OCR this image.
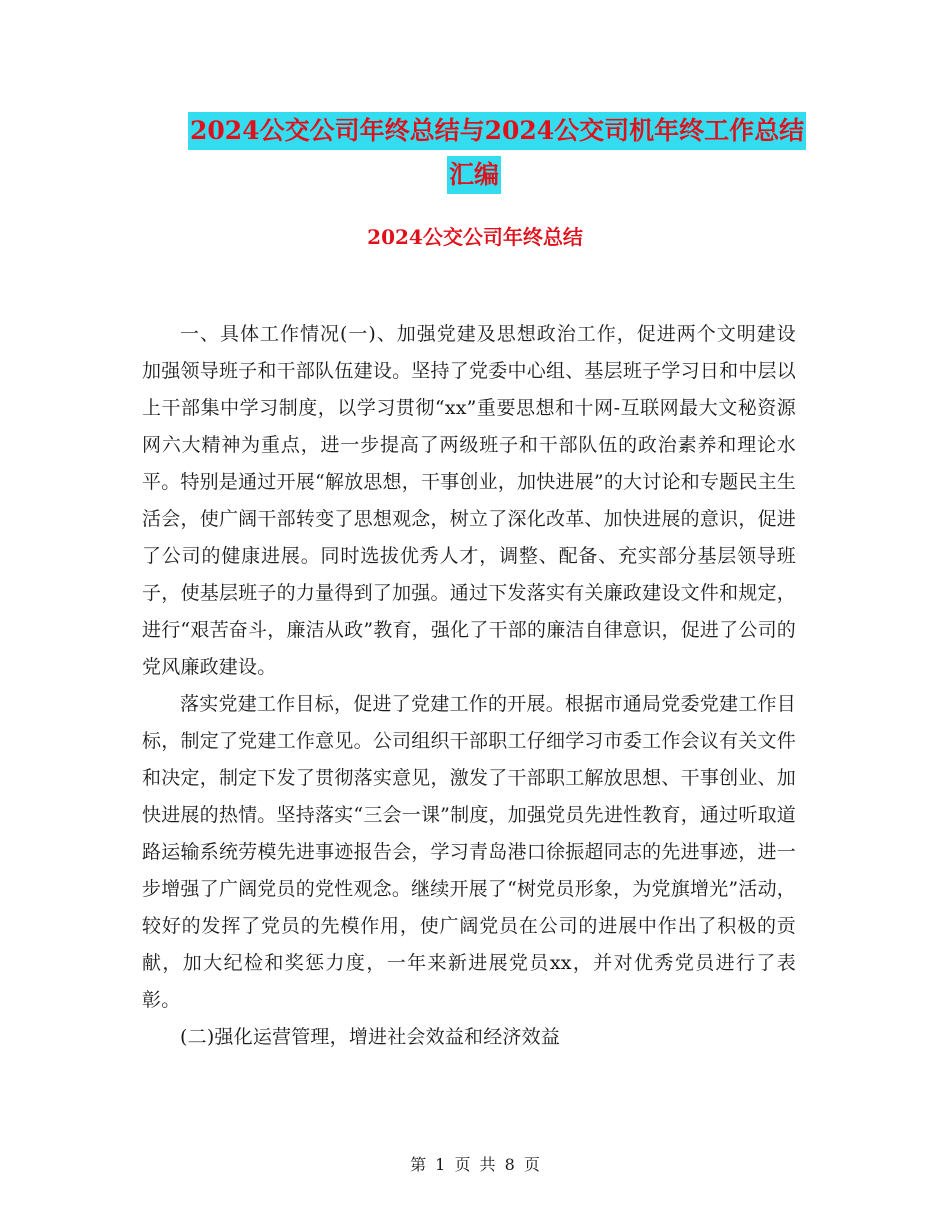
2024公交公司年终总结与2024公交司机年终工作总结
汇编
2024公交公司年终总结

一、具体工作情况(一)、加强党建及思想政治工作，促进两个文明建设 加强领导班子和干部队伍建设。坚持了党委中心组、基层班子学习日和中层以上干部集中学习制度，以学习贯彻“xx”重要思想和十网-互联网最大文秘资源网六大精神为重点，进一步提高了两级班子和干部队伍的政治素养和理论水平。特别是通过开展“解放思想，干事创业，加快进展”的大讨论和专题民主生活会，使广阔干部转变了思想观念，树立了深化改革、加快进展的意识，促进了公司的健康进展。同时选拔优秀人才，调整、配备、充实部分基层领导班子，使基层班子的力量得到了加强。通过下发落实有关廉政建设文件和规定，进行“艰苦奋斗，廉洁从政”教育，强化了干部的廉洁自律意识，促进了公司的党风廉政建设。

落实党建工作目标，促进了党建工作的开展。根据市通局党委党建工作目标，制定了党建工作意见。公司组织干部职工仔细学习市委工作会议有关文件和决定，制定下发了贯彻落实意见，激发了干部职工解放思想、干事创业、加快进展的热情。坚持落实“三会一课”制度，加强党员先进性教育，通过听取道路运输系统劳模先进事迹报告会，学习青岛港口徐振超同志的先进事迹，进一步增强了广阔党员的党性观念。继续开展了“树党员形象，为党旗增光”活动，较好的发挥了党员的先模作用，使广阔党员在公司的进展中作出了积极的贡献，加大纪检和奖惩力度，一年来新进展党员xx，并对优秀党员进行了表彰。

(二)强化运营管理，增进社会效益和经济效益

第 1 页 共 8 页
